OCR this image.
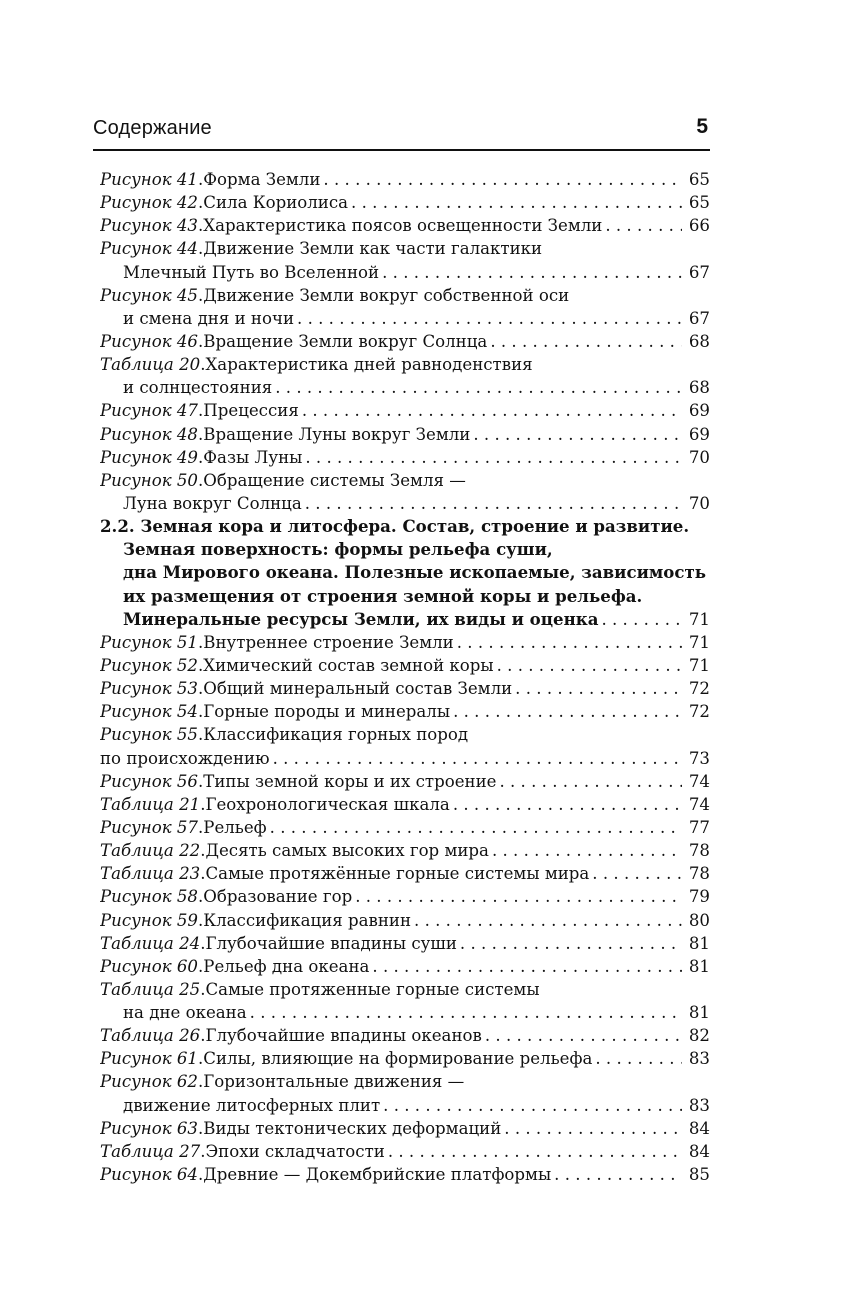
Содержание	5
Рисунок 41 . Форма Земли . . .	65
Рисунок 42 . Сила Кориолиса . . .	65
Рисунок 43 . Характеристика поясов освещенности Земли . . .	66
Рисунок 44 . Движение Земли как части галактики
Млечный Путь во Вселенной . . .	67
Рисунок 45 . Движение Земли вокруг собственной оси
и смена дня и ночи . . .	67
Рисунок 46 . Вращение Земли вокруг Солнца . . .	68
Таблица 20 . Характеристика дней равноденствия
и солнцестояния . . .	68
Рисунок 47 . Прецессия . . .	69
Рисунок 48 . Вращение Луны вокруг Земли . . .	69
Рисунок 49 . Фазы Луны . . .	70
Рисунок 50 . Обращение системы Земля —
Луна вокруг Солнца . . .	70
2.2. Земная кора и литосфера. Состав, строение и развитие.
Земная поверхность: формы рельефа суши,
дна Мирового океана. Полезные ископаемые, зависимость
их размещения от строения земной коры и рельефа.
Минеральные ресурсы Земли, их виды и оценка . . .	71
Рисунок 51 . Внутреннее строение Земли . . .	71
Рисунок 52 . Химический состав земной коры . . .	71
Рисунок 53 . Общий минеральный состав Земли . . .	72
Рисунок 54 . Горные породы и минералы . . .	72
Рисунок 55 . Классификация горных пород
по происхождению . . .	73
Рисунок 56 . Типы земной коры и их строение . . .	74
Таблица 21 . Геохронологическая шкала . . .	74
Рисунок 57 . Рельеф . . .	77
Таблица 22 . Десять самых высоких гор мира . . .	78
Таблица 23 . Самые протяжённые горные системы мира . . .	78
Рисунок 58 . Образование гор . . .	79
Рисунок 59 . Классификация равнин . . .	80
Таблица 24 . Глубочайшие впадины суши . . .	81
Рисунок 60 . Рельеф дна океана . . .	81
Таблица 25 . Самые протяженные горные системы
на дне океана . . .	81
Таблица 26 . Глубочайшие впадины океанов . . .	82
Рисунок 61 . Силы, влияющие на формирование рельефа . . .	83
Рисунок 62 . Горизонтальные движения —
движение литосферных плит . . .	83
Рисунок 63 . Виды тектонических деформаций . . .	84
Таблица 27 . Эпохи складчатости . . .	84
Рисунок 64 . Древние — Докембрийские платформы . . .	85
